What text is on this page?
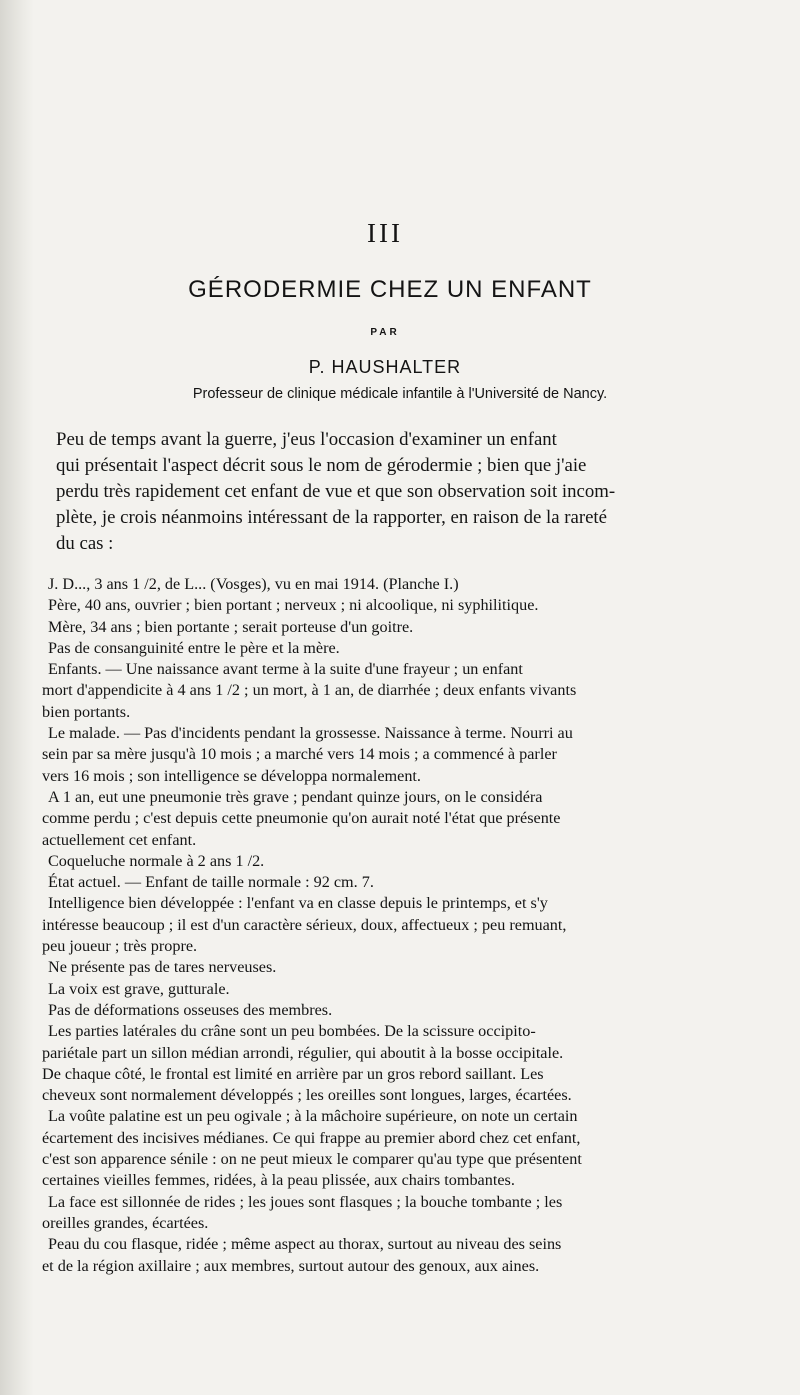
III
GÉRODERMIE CHEZ UN ENFANT
PAR
P. HAUSHALTER
Professeur de clinique médicale infantile à l'Université de Nancy.
Peu de temps avant la guerre, j'eus l'occasion d'examiner un enfant
qui présentait l'aspect décrit sous le nom de gérodermie ; bien que j'aie
perdu très rapidement cet enfant de vue et que son observation soit incom-
plète, je crois néanmoins intéressant de la rapporter, en raison de la rareté
du cas :
J. D..., 3 ans 1 /2, de L... (Vosges), vu en mai 1914. (Planche I.)
Père, 40 ans, ouvrier ; bien portant ; nerveux ; ni alcoolique, ni syphilitique.
Mère, 34 ans ; bien portante ; serait porteuse d'un goitre.
Pas de consanguinité entre le père et la mère.
Enfants. — Une naissance avant terme à la suite d'une frayeur ; un enfant
mort d'appendicite à 4 ans 1 /2 ; un mort, à 1 an, de diarrhée ; deux enfants vivants
bien portants.
Le malade. — Pas d'incidents pendant la grossesse. Naissance à terme. Nourri au
sein par sa mère jusqu'à 10 mois ; a marché vers 14 mois ; a commencé à parler
vers 16 mois ; son intelligence se développa normalement.
A 1 an, eut une pneumonie très grave ; pendant quinze jours, on le considéra
comme perdu ; c'est depuis cette pneumonie qu'on aurait noté l'état que présente
actuellement cet enfant.
Coqueluche normale à 2 ans 1 /2.
État actuel. — Enfant de taille normale : 92 cm. 7.
Intelligence bien développée : l'enfant va en classe depuis le printemps, et s'y
intéresse beaucoup ; il est d'un caractère sérieux, doux, affectueux ; peu remuant,
peu joueur ; très propre.
Ne présente pas de tares nerveuses.
La voix est grave, gutturale.
Pas de déformations osseuses des membres.
Les parties latérales du crâne sont un peu bombées. De la scissure occipito-
pariétale part un sillon médian arrondi, régulier, qui aboutit à la bosse occipitale.
De chaque côté, le frontal est limité en arrière par un gros rebord saillant. Les
cheveux sont normalement développés ; les oreilles sont longues, larges, écartées.
La voûte palatine est un peu ogivale ; à la mâchoire supérieure, on note un certain
écartement des incisives médianes. Ce qui frappe au premier abord chez cet enfant,
c'est son apparence sénile : on ne peut mieux le comparer qu'au type que présentent
certaines vieilles femmes, ridées, à la peau plissée, aux chairs tombantes.
La face est sillonnée de rides ; les joues sont flasques ; la bouche tombante ; les
oreilles grandes, écartées.
Peau du cou flasque, ridée ; même aspect au thorax, surtout au niveau des seins
et de la région axillaire ; aux membres, surtout autour des genoux, aux aines.
